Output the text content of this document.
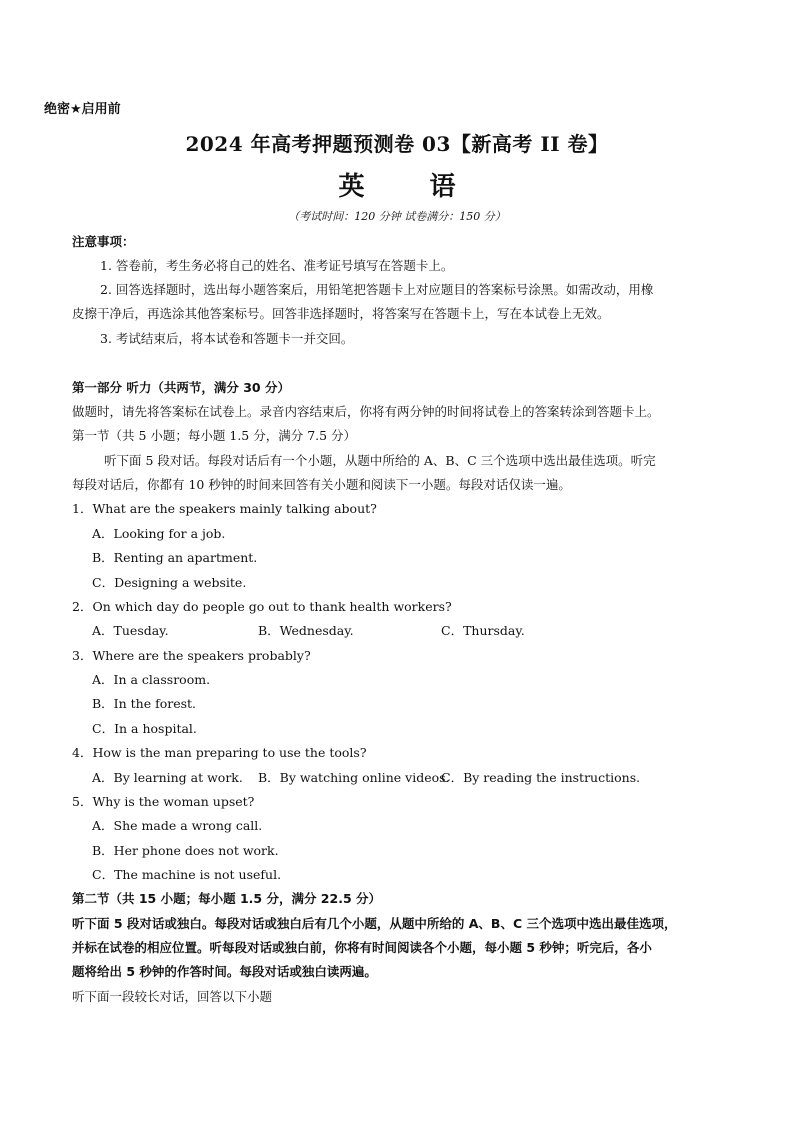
绝密★启用前
2024 年高考押题预测卷 03【新高考 II 卷】
英 语
（考试时间：120 分钟 试卷满分：150 分）
注意事项：
1. 答卷前，考生务必将自己的姓名、准考证号填写在答题卡上。
2. 回答选择题时，选出每小题答案后，用铅笔把答题卡上对应题目的答案标号涂黑。如需改动，用橡
皮擦干净后，再选涂其他答案标号。回答非选择题时，将答案写在答题卡上，写在本试卷上无效。
3. 考试结束后，将本试卷和答题卡一并交回。
第一部分 听力（共两节，满分 30 分）
做题时，请先将答案标在试卷上。录音内容结束后，你将有两分钟的时间将试卷上的答案转涂到答题卡上。
第一节（共 5 小题；每小题 1.5 分，满分 7.5 分）
听下面 5 段对话。每段对话后有一个小题，从题中所给的 A、B、C 三个选项中选出最佳选项。听完
每段对话后，你都有 10 秒钟的时间来回答有关小题和阅读下一小题。每段对话仅读一遍。
1．What are the speakers mainly talking about?
A．Looking for a job.
B．Renting an apartment.
C．Designing a website.
2．On which day do people go out to thank health workers?
A．Tuesday.	B．Wednesday.	C．Thursday.
3．Where are the speakers probably?
A．In a classroom.
B．In the forest.
C．In a hospital.
4．How is the man preparing to use the tools?
A．By learning at work. B．By watching online videos.
C．By reading the instructions.
5．Why is the woman upset?
A．She made a wrong call.
B．Her phone does not work.
C．The machine is not useful.
第二节（共 15 小题；每小题 1.5 分，满分 22.5 分）
听下面 5 段对话或独白。每段对话或独白后有几个小题，从题中所给的 A、B、C 三个选项中选出最佳选项，
并标在试卷的相应位置。听每段对话或独白前，你将有时间阅读各个小题，每小题 5 秒钟；听完后，各小
题将给出 5 秒钟的作答时间。每段对话或独白读两遍。
听下面一段较长对话，回答以下小题
